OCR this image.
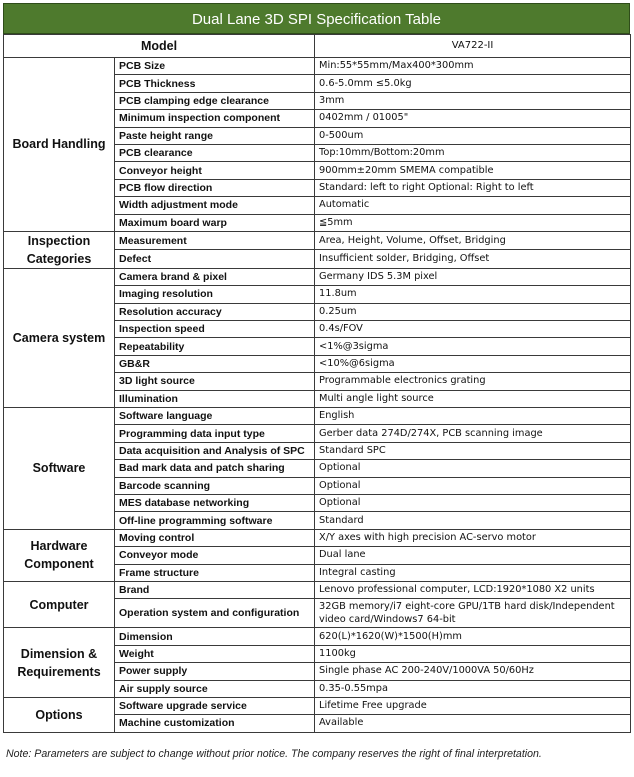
Dual Lane 3D SPI Specification Table
Model		VA722-II
Board Handling	PCB Size	Min:55*55mm/Max400*300mm
	PCB Thickness	0.6-5.0mm ≤5.0kg
	PCB clamping edge clearance	3mm
	Minimum inspection component	0402mm / 01005"
	Paste height range	0-500um
	PCB clearance	Top:10mm/Bottom:20mm
	Conveyor height	900mm±20mm SMEMA compatible
	PCB flow direction	Standard: left to right Optional: Right to left
	Width adjustment mode	Automatic
	Maximum board warp	≦5mm
Inspection Categories	Measurement	Area, Height, Volume, Offset, Bridging
	Defect	Insufficient solder, Bridging, Offset
Camera system	Camera brand & pixel	Germany IDS 5.3M pixel
	Imaging resolution	11.8um
	Resolution accuracy	0.25um
	Inspection speed	0.4s/FOV
	Repeatability	<1%@3sigma
	GB&R	<10%@6sigma
	3D light source	Programmable electronics grating
	Illumination	Multi angle light source
Software	Software language	English
	Programming data input type	Gerber data 274D/274X, PCB scanning image
	Data acquisition and Analysis of SPC	Standard SPC
	Bad mark data and patch sharing	Optional
	Barcode scanning	Optional
	MES database networking	Optional
	Off-line programming software	Standard
Hardware Component	Moving control	X/Y axes with high precision AC-servo motor
	Conveyor mode	Dual lane
	Frame structure	Integral casting
Computer	Brand	Lenovo professional computer, LCD:1920*1080 X2 units
	Operation system and configuration	32GB memory/i7 eight-core GPU/1TB hard disk/Independent video card/Windows7 64-bit
Dimension & Requirements	Dimension	620(L)*1620(W)*1500(H)mm
	Weight	1100kg
	Power supply	Single phase AC 200-240V/1000VA 50/60Hz
	Air supply source	0.35-0.55mpa
Options	Software upgrade service	Lifetime Free upgrade
	Machine customization	Available
Note: Parameters are subject to change without prior notice. The company reserves the right of final interpretation.
